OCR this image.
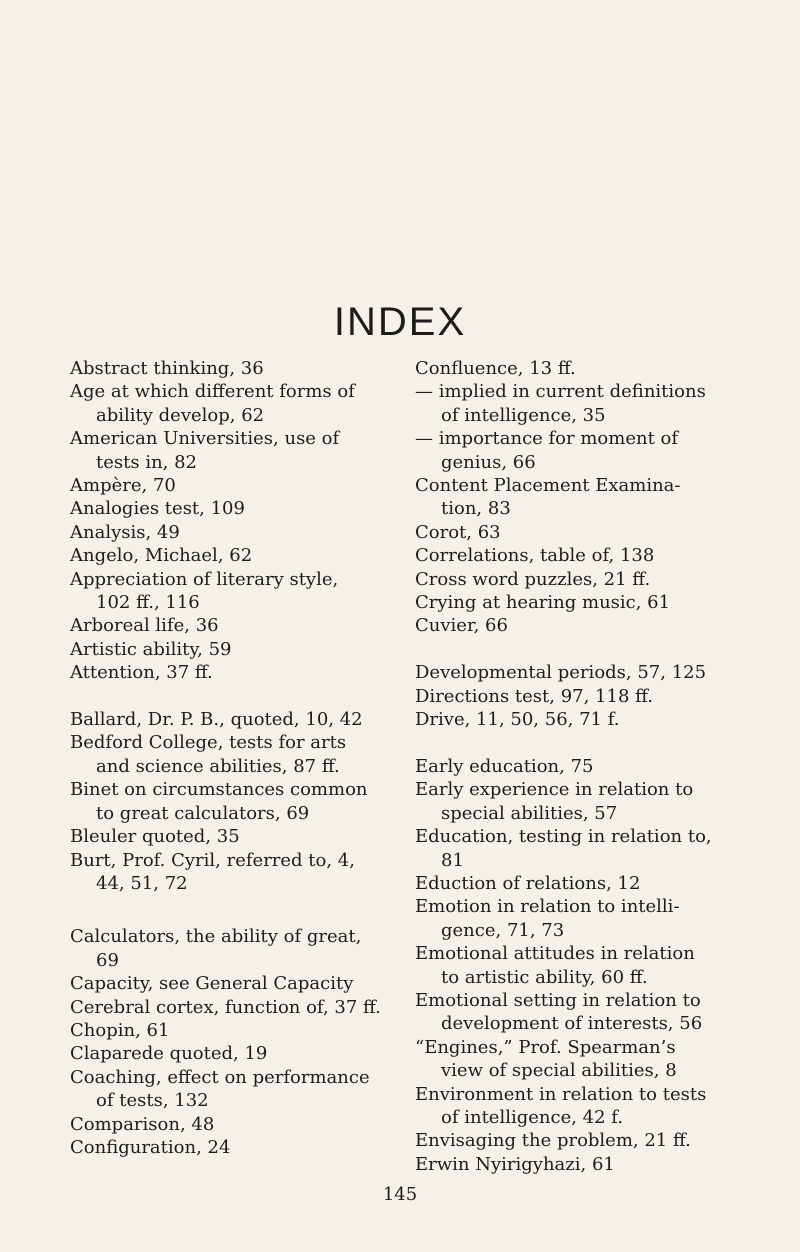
INDEX
Abstract thinking, 36
Age at which different forms of
ability develop, 62
American Universities, use of
tests in, 82
Ampère, 70
Analogies test, 109
Analysis, 49
Angelo, Michael, 62
Appreciation of literary style,
102 ff., 116
Arboreal life, 36
Artistic ability, 59
Attention, 37 ff.
Ballard, Dr. P. B., quoted, 10, 42
Bedford College, tests for arts
and science abilities, 87 ff.
Binet on circumstances common
to great calculators, 69
Bleuler quoted, 35
Burt, Prof. Cyril, referred to, 4,
44, 51, 72
Calculators, the ability of great,
69
Capacity, see General Capacity
Cerebral cortex, function of, 37 ff.
Chopin, 61
Claparede quoted, 19
Coaching, effect on performance
of tests, 132
Comparison, 48
Configuration, 24
Confluence, 13 ff.
— implied in current definitions
of intelligence, 35
— importance for moment of
genius, 66
Content Placement Examina-
tion, 83
Corot, 63
Correlations, table of, 138
Cross word puzzles, 21 ff.
Crying at hearing music, 61
Cuvier, 66
Developmental periods, 57, 125
Directions test, 97, 118 ff.
Drive, 11, 50, 56, 71 f.
Early education, 75
Early experience in relation to
special abilities, 57
Education, testing in relation to,
81
Eduction of relations, 12
Emotion in relation to intelli-
gence, 71, 73
Emotional attitudes in relation
to artistic ability, 60 ff.
Emotional setting in relation to
development of interests, 56
“Engines,” Prof. Spearman’s
view of special abilities, 8
Environment in relation to tests
of intelligence, 42 f.
Envisaging the problem, 21 ff.
Erwin Nyirigyhazi, 61
145
